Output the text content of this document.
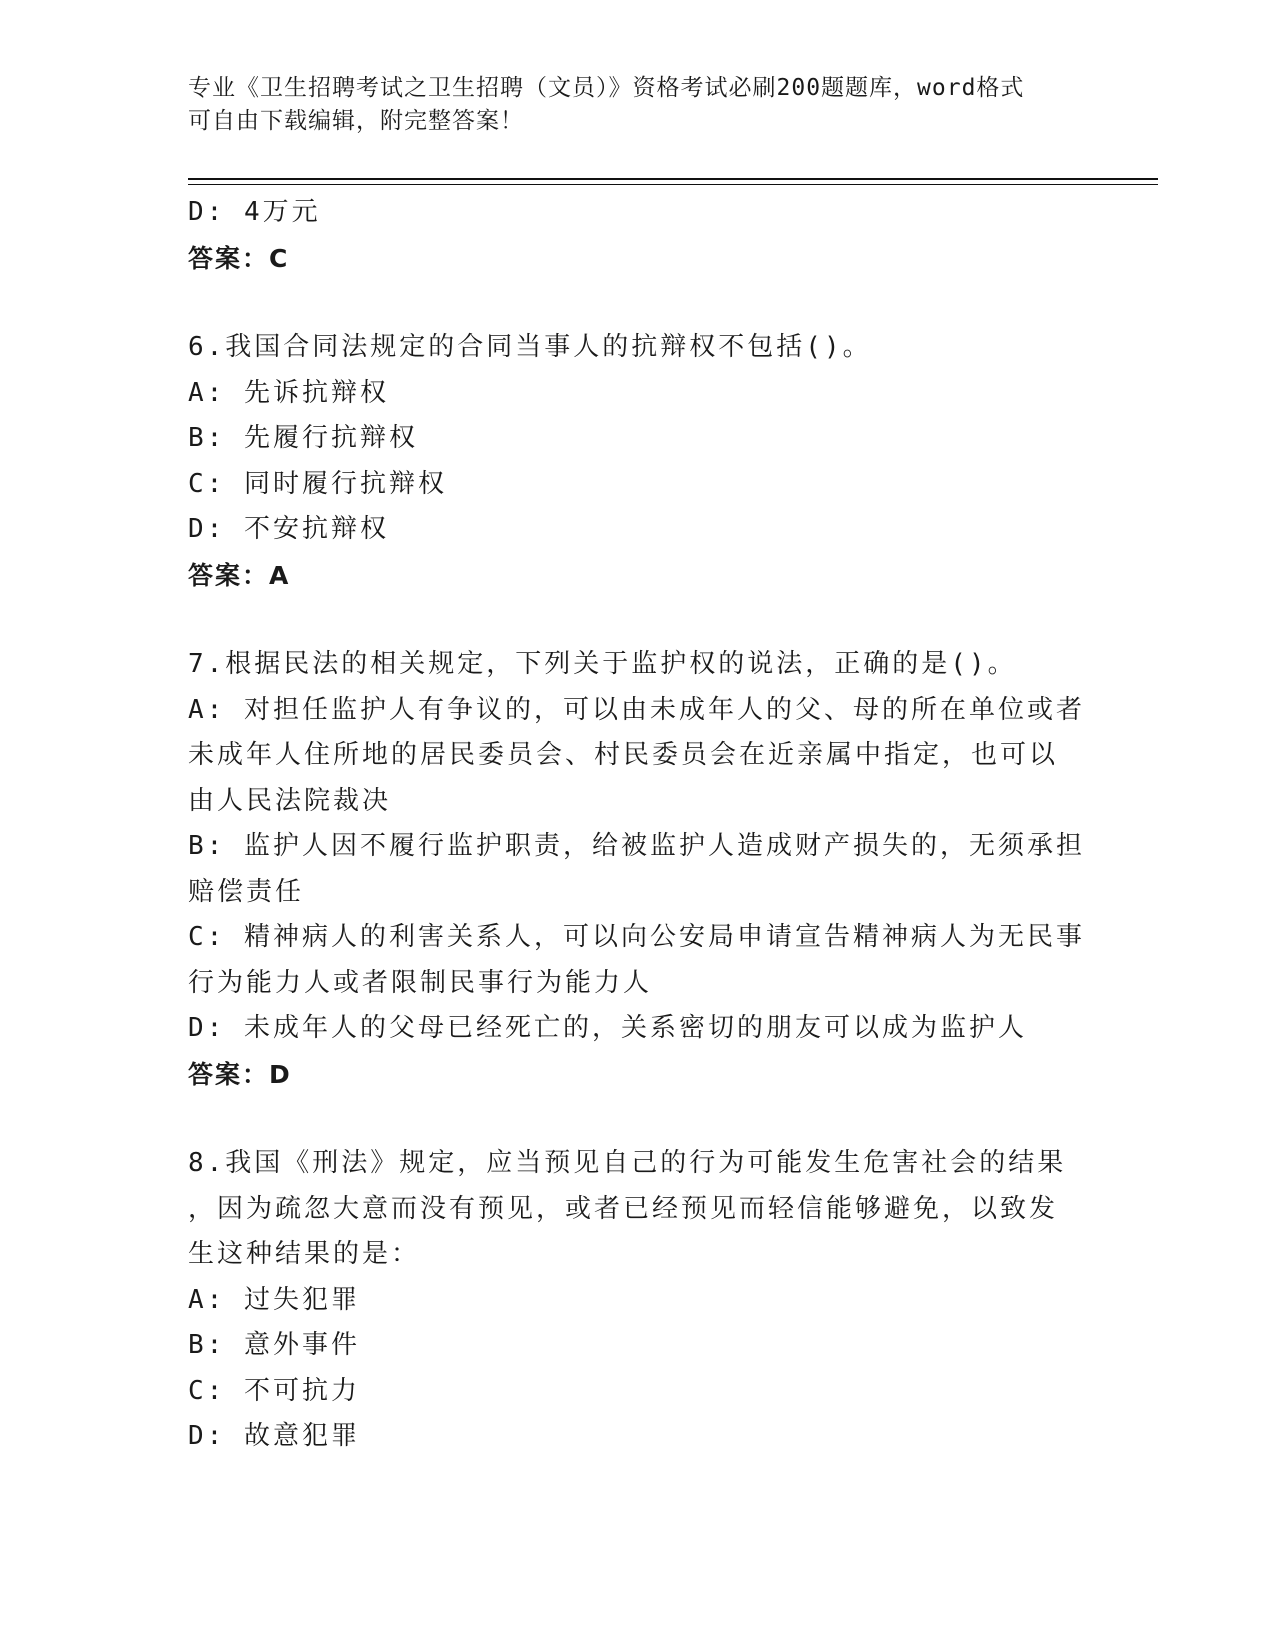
专业《卫生招聘考试之卫生招聘（文员）》资格考试必刷200题题库，word格式
可自由下载编辑，附完整答案！
D: 4万元
答案：C
6.我国合同法规定的合同当事人的抗辩权不包括()。
A: 先诉抗辩权
B: 先履行抗辩权
C: 同时履行抗辩权
D: 不安抗辩权
答案：A
7.根据民法的相关规定，下列关于监护权的说法，正确的是()。
A: 对担任监护人有争议的，可以由未成年人的父、母的所在单位或者
未成年人住所地的居民委员会、村民委员会在近亲属中指定，也可以
由人民法院裁决
B: 监护人因不履行监护职责，给被监护人造成财产损失的，无须承担
赔偿责任
C: 精神病人的利害关系人，可以向公安局申请宣告精神病人为无民事
行为能力人或者限制民事行为能力人
D: 未成年人的父母已经死亡的，关系密切的朋友可以成为监护人
答案：D
8.我国《刑法》规定，应当预见自己的行为可能发生危害社会的结果
，因为疏忽大意而没有预见，或者已经预见而轻信能够避免，以致发
生这种结果的是：
A: 过失犯罪
B: 意外事件
C: 不可抗力
D: 故意犯罪
